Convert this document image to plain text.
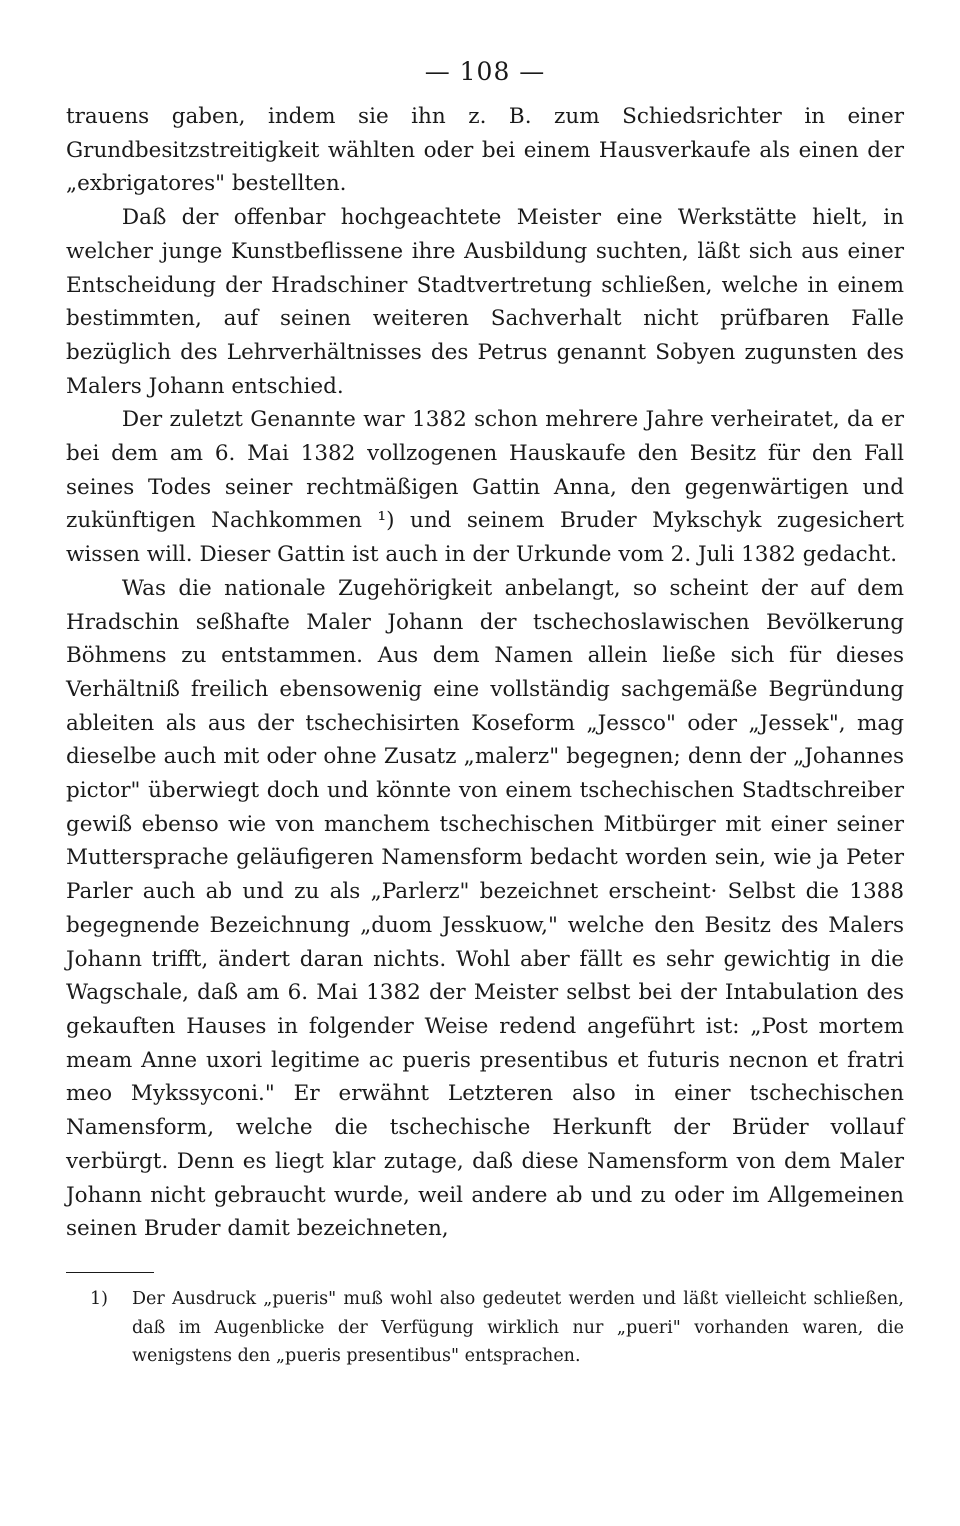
— 108 —

trauens gaben, indem sie ihn z. B. zum Schiedsrichter in einer Grundbesitzstreitigkeit wählten oder bei einem Hausverkaufe als einen der „exbrigatores" bestellten.

Daß der offenbar hochgeachtete Meister eine Werkstätte hielt, in welcher junge Kunstbeflissene ihre Ausbildung suchten, läßt sich aus einer Entscheidung der Hradschiner Stadtvertretung schließen, welche in einem bestimmten, auf seinen weiteren Sachverhalt nicht prüfbaren Falle bezüglich des Lehrverhältnisses des Petrus genannt Sobyen zugunsten des Malers Johann entschied.

Der zuletzt Genannte war 1382 schon mehrere Jahre verheiratet, da er bei dem am 6. Mai 1382 vollzogenen Hauskaufe den Besitz für den Fall seines Todes seiner rechtmäßigen Gattin Anna, den gegenwärtigen und zukünftigen Nachkommen ¹) und seinem Bruder Mykschyk zugesichert wissen will. Dieser Gattin ist auch in der Urkunde vom 2. Juli 1382 gedacht.

Was die nationale Zugehörigkeit anbelangt, so scheint der auf dem Hradschin seßhafte Maler Johann der tschechoslawischen Bevölkerung Böhmens zu entstammen. Aus dem Namen allein ließe sich für dieses Verhältniß freilich ebensowenig eine vollständig sachgemäße Begründung ableiten als aus der tschechisirten Koseform „Jessco" oder „Jessek", mag dieselbe auch mit oder ohne Zusatz „malerz" begegnen; denn der „Johannes pictor" überwiegt doch und könnte von einem tschechischen Stadtschreiber gewiß ebenso wie von manchem tschechischen Mitbürger mit einer seiner Muttersprache geläufigeren Namensform bedacht worden sein, wie ja Peter Parler auch ab und zu als „Parlerz" bezeichnet erscheint· Selbst die 1388 begegnende Bezeichnung „duom Jesskuow," welche den Besitz des Malers Johann trifft, ändert daran nichts. Wohl aber fällt es sehr gewichtig in die Wagschale, daß am 6. Mai 1382 der Meister selbst bei der Intabulation des gekauften Hauses in folgender Weise redend angeführt ist: „Post mortem meam Anne uxori legitime ac pueris presentibus et futuris necnon et fratri meo Mykssyconi." Er erwähnt Letzteren also in einer tschechischen Namensform, welche die tschechische Herkunft der Brüder vollauf verbürgt. Denn es liegt klar zutage, daß diese Namensform von dem Maler Johann nicht gebraucht wurde, weil andere ab und zu oder im Allgemeinen seinen Bruder damit bezeichneten,

1) Der Ausdruck „pueris" muß wohl also gedeutet werden und läßt vielleicht schließen, daß im Augenblicke der Verfügung wirklich nur „pueri" vorhanden waren, die wenigstens den „pueris presentibus" entsprachen.
